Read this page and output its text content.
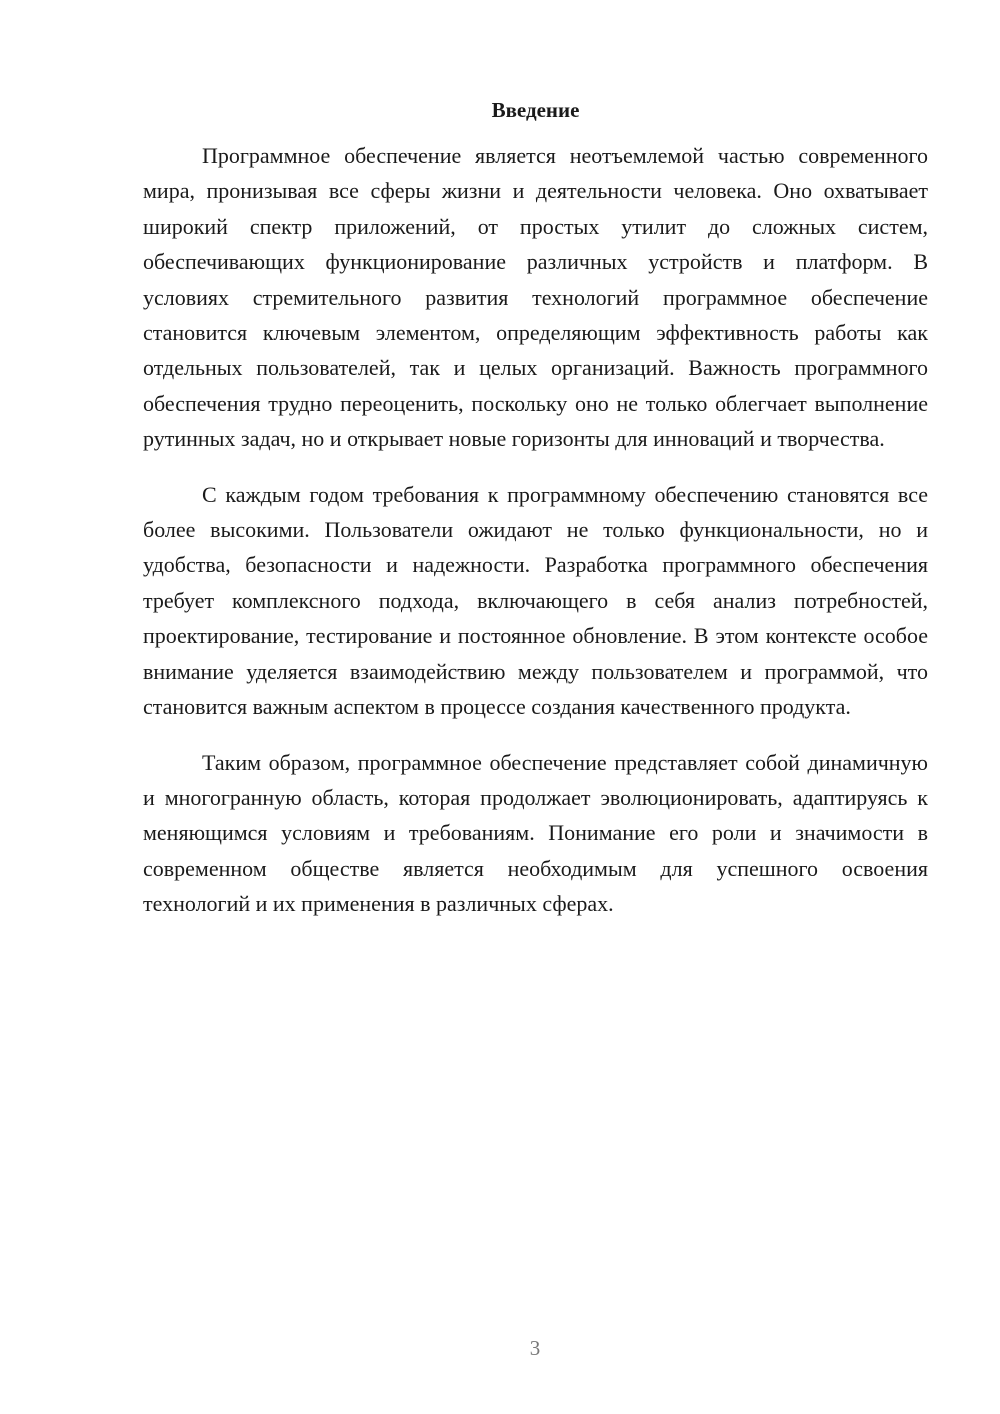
Введение

Программное обеспечение является неотъемлемой частью современного мира, пронизывая все сферы жизни и деятельности человека. Оно охватывает широкий спектр приложений, от простых утилит до сложных систем, обеспечивающих функционирование различных устройств и платформ. В условиях стремительного развития технологий программное обеспечение становится ключевым элементом, определяющим эффективность работы как отдельных пользователей, так и целых организаций. Важность программного обеспечения трудно переоценить, поскольку оно не только облегчает выполнение рутинных задач, но и открывает новые горизонты для инноваций и творчества.

С каждым годом требования к программному обеспечению становятся все более высокими. Пользователи ожидают не только функциональности, но и удобства, безопасности и надежности. Разработка программного обеспечения требует комплексного подхода, включающего в себя анализ потребностей, проектирование, тестирование и постоянное обновление. В этом контексте особое внимание уделяется взаимодействию между пользователем и программой, что становится важным аспектом в процессе создания качественного продукта.

Таким образом, программное обеспечение представляет собой динамичную и многогранную область, которая продолжает эволюционировать, адаптируясь к меняющимся условиям и требованиям. Понимание его роли и значимости в современном обществе является необходимым для успешного освоения технологий и их применения в различных сферах.

3
